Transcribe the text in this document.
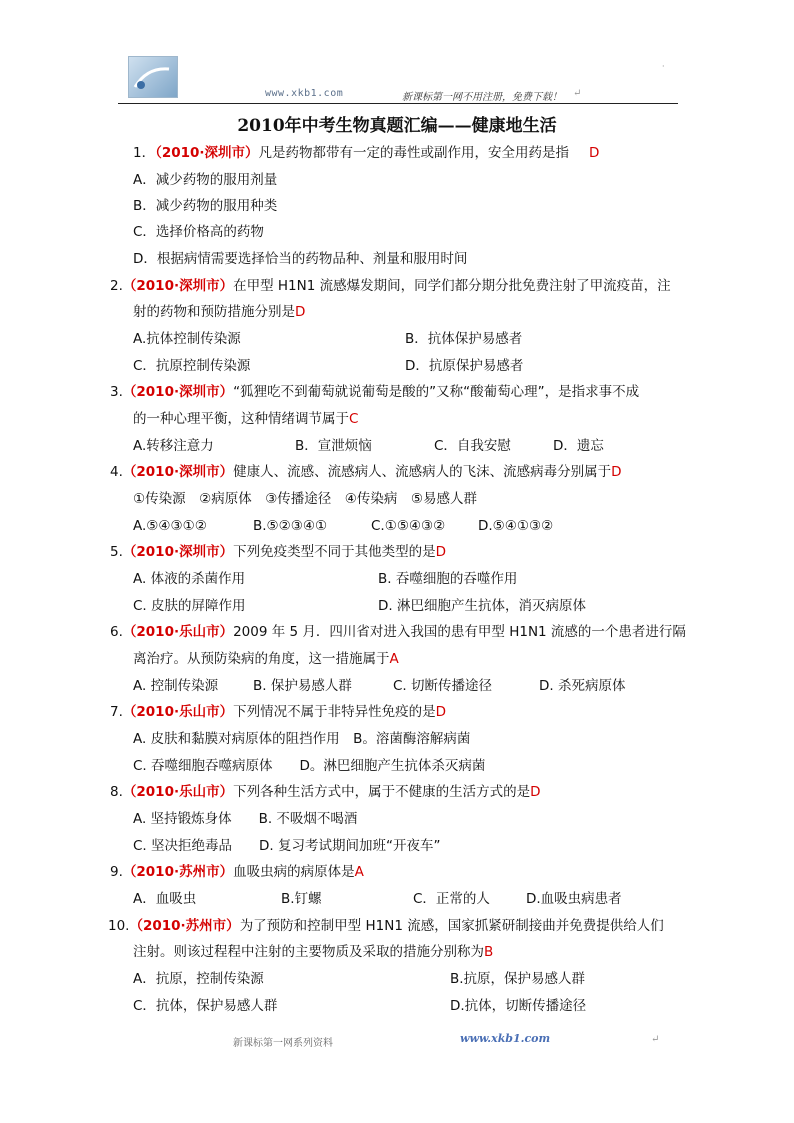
www.xkb1.com	新课标第一网不用注册，免费下载！ ↵
·
2010年中考生物真题汇编——健康地生活
1．（2010·深圳市）凡是药物都带有一定的毒性或副作用，安全用药是指 D
A．减少药物的服用剂量
B．减少药物的服用种类
C．选择价格高的药物
D．根据病情需要选择恰当的药物品种、剂量和服用时间
2.（2010·深圳市）在甲型 H1N1 流感爆发期间，同学们都分期分批免费注射了甲流疫苗，注
射的药物和预防措施分别是D
A.抗体控制传染源	B．抗体保护易感者
C．抗原控制传染源	D．抗原保护易感者
3.（2010·深圳市）“狐狸吃不到葡萄就说葡萄是酸的”又称“酸葡萄心理”，是指求事不成
的一种心理平衡，这种情绪调节属于C
A.转移注意力	B．宣泄烦恼	C．自我安慰	D．遗忘
4.（2010·深圳市）健康人、流感、流感病人、流感病人的飞沫、流感病毒分别属于D
①传染源　②病原体　③传播途径　④传染病　⑤易感人群
A.⑤④③①②	B.⑤②③④①	C.①⑤④③② D.⑤④①③②
5.（2010·深圳市）下列免疫类型不同于其他类型的是D
A. 体液的杀菌作用	B. 吞噬细胞的吞噬作用
C. 皮肤的屏障作用	D. 淋巴细胞产生抗体，消灭病原体
6.（2010·乐山市）2009 年 5 月．四川省对进入我国的患有甲型 H1N1 流感的一个患者进行隔
离治疗。从预防染病的角度，这一措施属于A
A. 控制传染源	B. 保护易感人群	C. 切断传播途径	D. 杀死病原体
7.（2010·乐山市）下列情况不属于非特异性免疫的是D
A. 皮肤和黏膜对病原体的阻挡作用　B。溶菌酶溶解病菌
C. 吞噬细胞吞噬病原体　　D。淋巴细胞产生抗体杀灭病菌
8.（2010·乐山市）下列各种生活方式中，属于不健康的生活方式的是D
A. 坚持锻炼身体　　B. 不吸烟不喝酒
C. 坚决拒绝毒品　　D. 复习考试期间加班“开夜车”
9.（2010·苏州市）血吸虫病的病原体是A
A．血吸虫	B.钉螺	C．正常的人	D.血吸虫病患者
10.（2010·苏州市）为了预防和控制甲型 H1N1 流感，国家抓紧研制接曲并免费提供给人们
注射。则该过程程中注射的主要物质及采取的措施分别称为B
A．抗原，控制传染源	B.抗原，保护易感人群
C．抗体，保护易感人群	D.抗体，切断传播途径
新课标第一网系列资料	www.xkb1.com	↵
